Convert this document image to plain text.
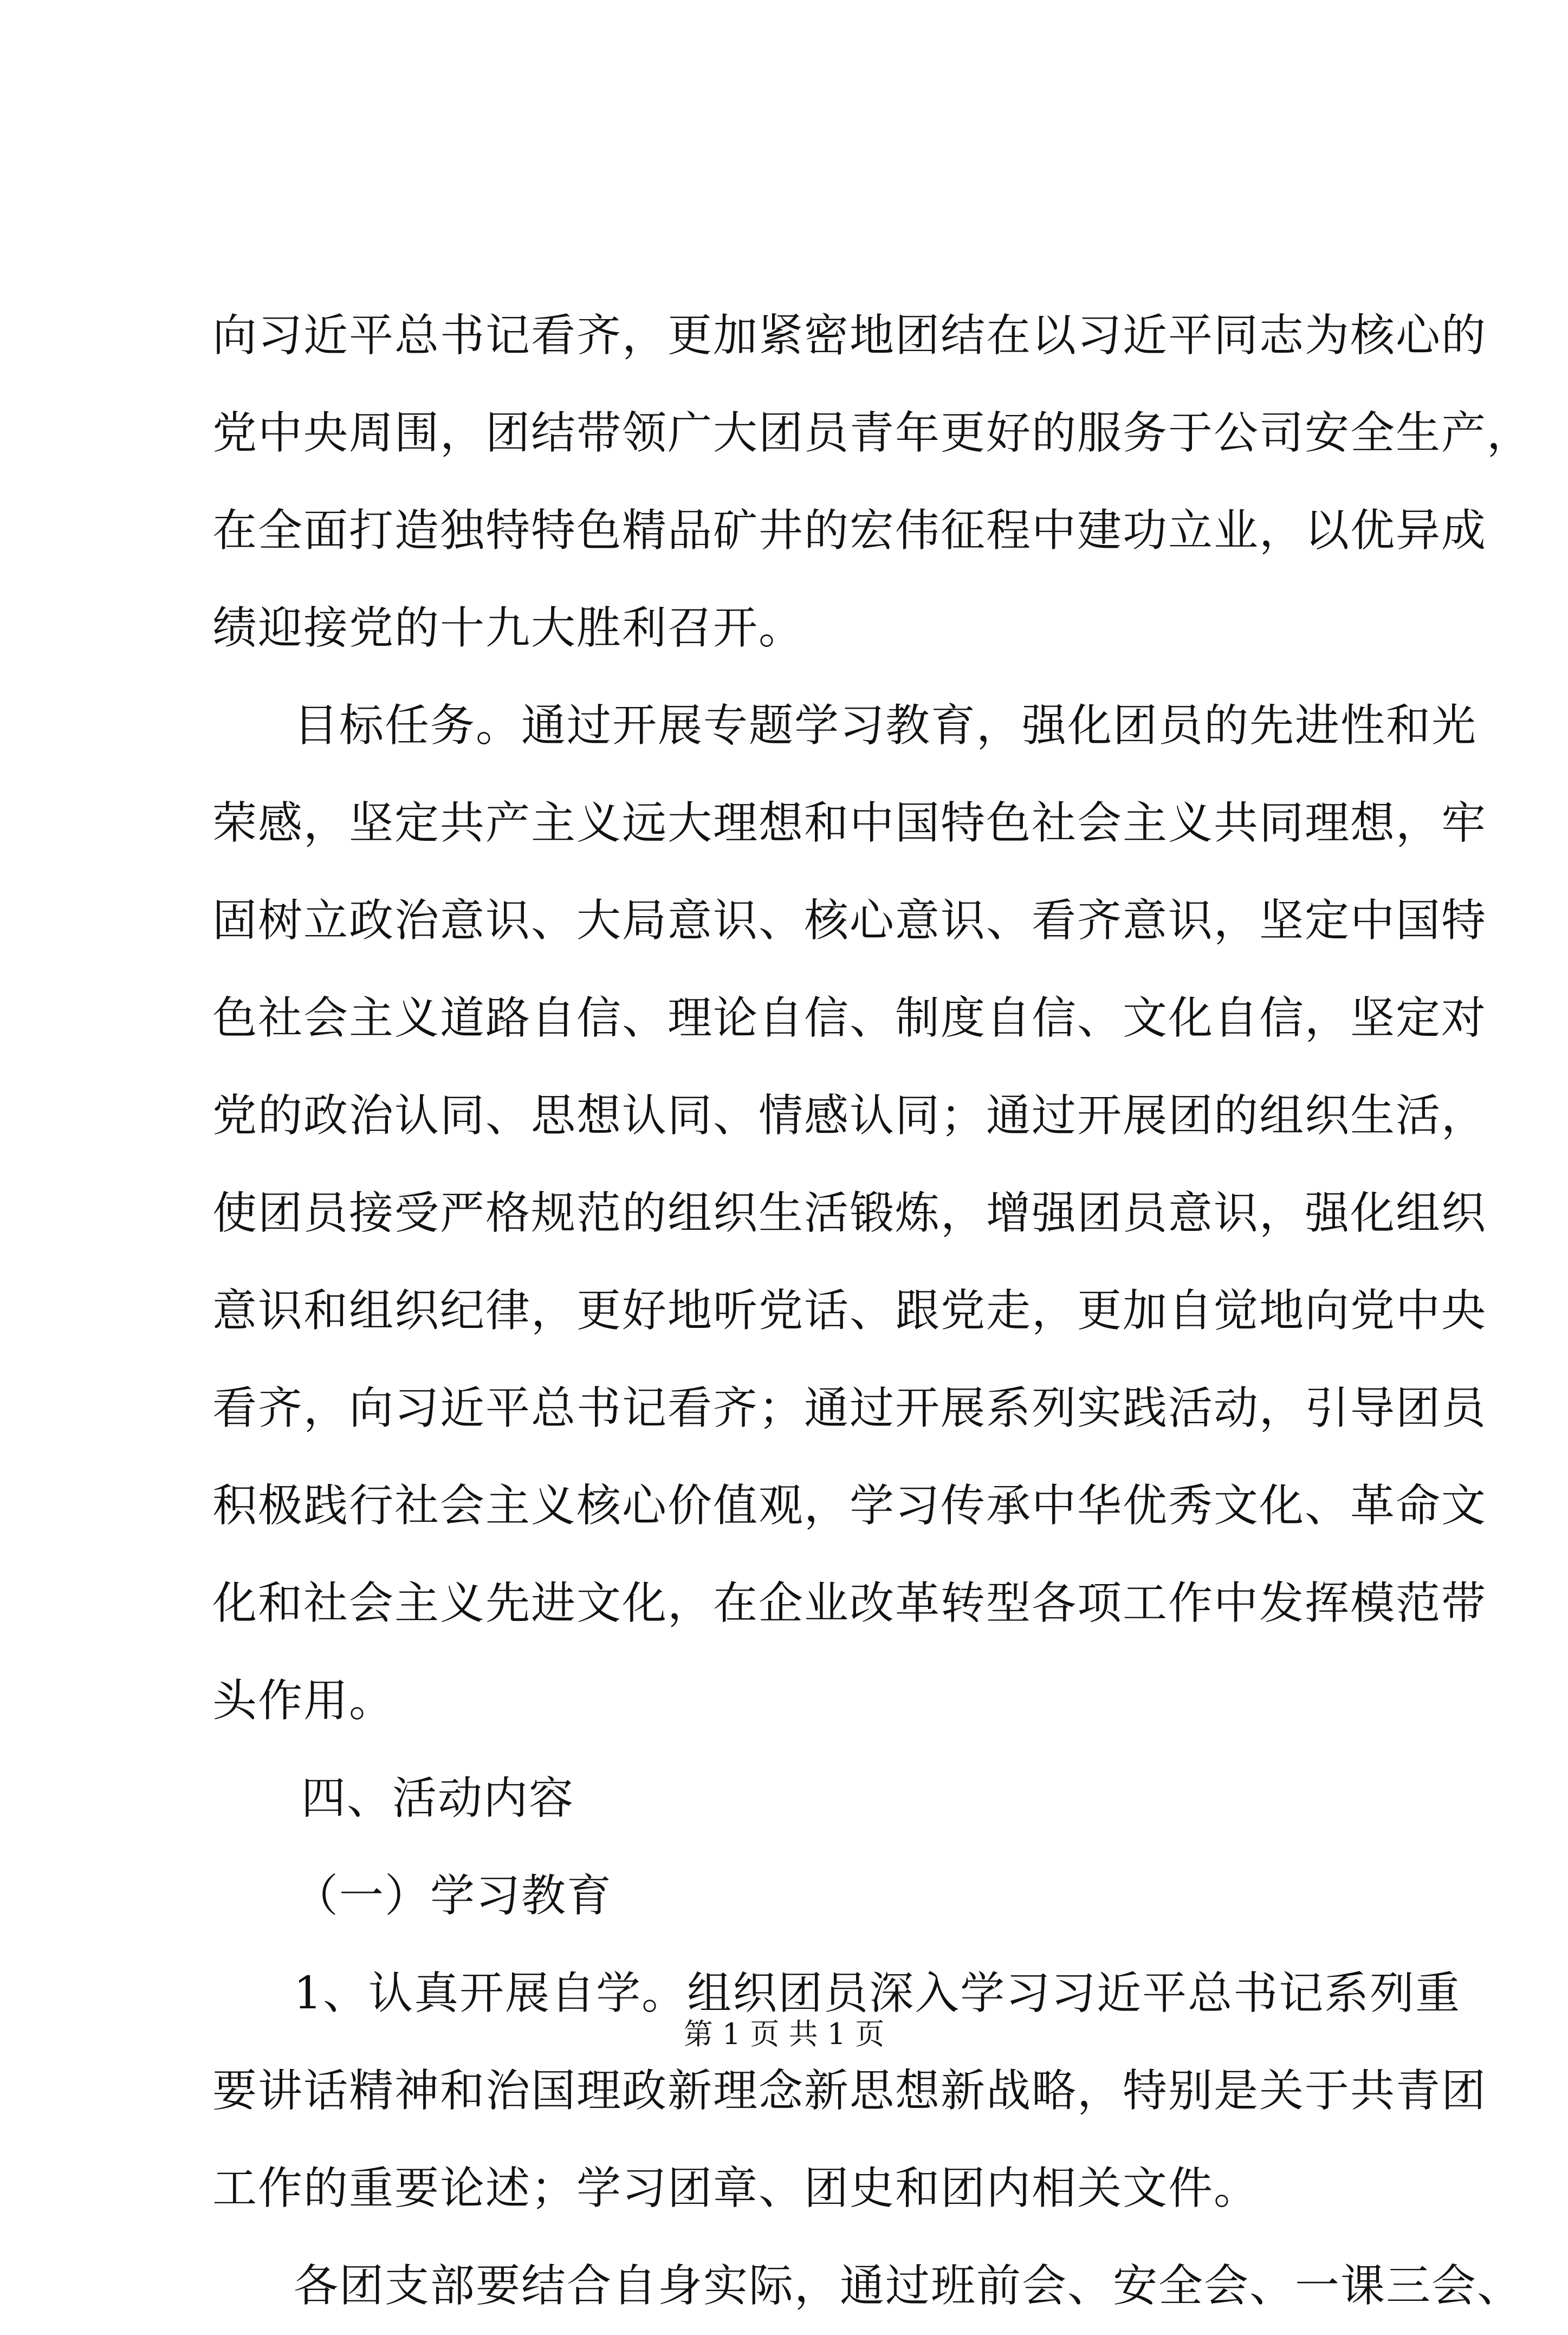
向习近平总书记看齐，更加紧密地团结在以习近平同志为核心的
党中央周围，团结带领广大团员青年更好的服务于公司安全生产，
在全面打造独特特色精品矿井的宏伟征程中建功立业，以优异成
绩迎接党的十九大胜利召开。
目标任务。通过开展专题学习教育，强化团员的先进性和光
荣感，坚定共产主义远大理想和中国特色社会主义共同理想，牢
固树立政治意识、大局意识、核心意识、看齐意识，坚定中国特
色社会主义道路自信、理论自信、制度自信、文化自信，坚定对
党的政治认同、思想认同、情感认同；通过开展团的组织生活，
使团员接受严格规范的组织生活锻炼，增强团员意识，强化组织
意识和组织纪律，更好地听党话、跟党走，更加自觉地向党中央
看齐，向习近平总书记看齐；通过开展系列实践活动，引导团员
积极践行社会主义核心价值观，学习传承中华优秀文化、革命文
化和社会主义先进文化，在企业改革转型各项工作中发挥模范带
头作用。
四、活动内容
（一）学习教育
1、认真开展自学。组织团员深入学习习近平总书记系列重
要讲话精神和治国理政新理念新思想新战略，特别是关于共青团
工作的重要论述；学习团章、团史和团内相关文件。
各团支部要结合自身实际，通过班前会、安全会、一课三会、
第 1 页 共 1 页
